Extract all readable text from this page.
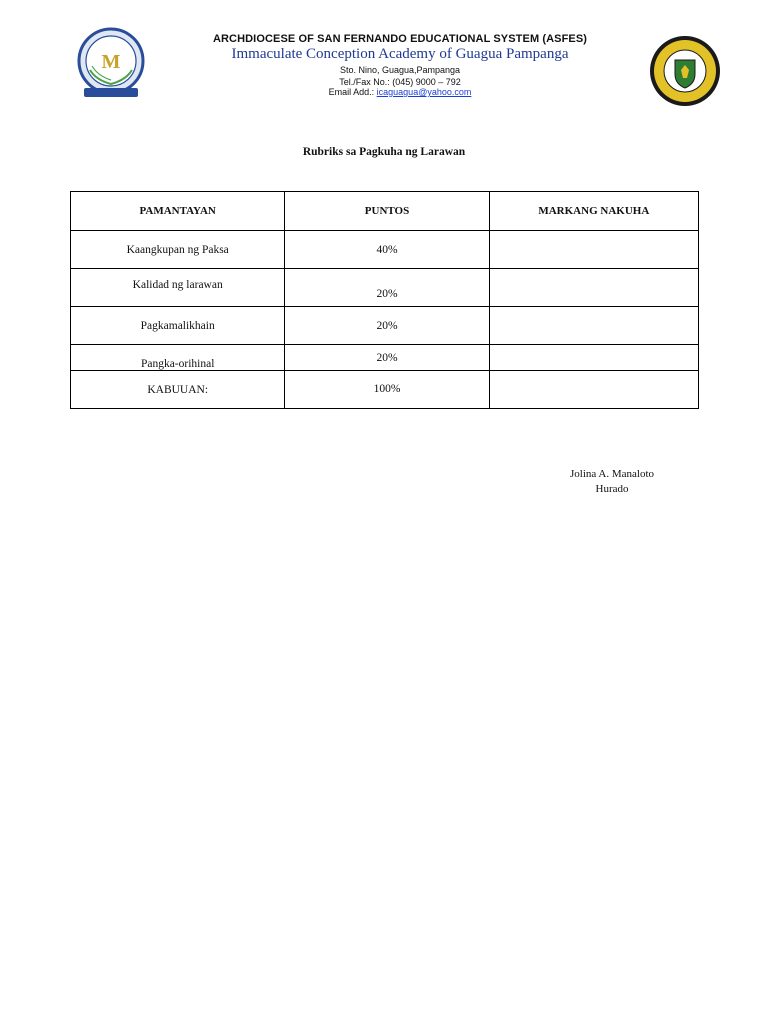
M
ARCHDIOCESE OF SAN FERNANDO EDUCATIONAL SYSTEM (ASFES)
Immaculate Conception Academy of Guagua Pampanga
Sto. Nino, Guagua,Pampanga
Tel./Fax No.: (045) 9000 – 792
Email Add.: icaguagua@yahoo.com
Rubriks sa Pagkuha ng Larawan
PAMANTAYAN	PUNTOS	MARKANG NAKUHA
Kaangkupan ng Paksa	40%	
Kalidad ng larawan	20%	
Pagkamalikhain	20%	
Pangka-orihinal	20%	
KABUUAN:	100%	
Jolina A. Manaloto
Hurado
